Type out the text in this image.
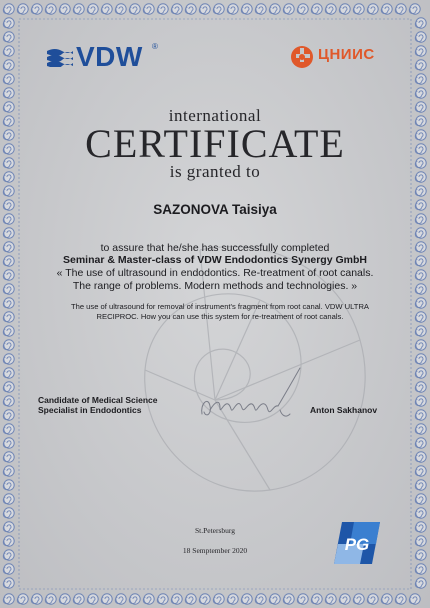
VDW ®	ЦНИИС
international
CERTIFICATE
is granted to
SAZONOVA Taisiya
to assure that he/she has successfully completed
Seminar & Master-class of VDW Endodontics Synergy GmbH
« The use of ultrasound in endodontics. Re-treatment of root canals.
The range of problems. Modern methods and technologies. »
The use of ultrasound for removal of instrument's fragment from root canal. VDW ULTRA RECIPROC. How you can use this system for re-treatment of root canals.
Candidate of Medical Science
Specialist in Endodontics	Anton Sakhanov
St.Petersburg
18 Semptember 2020	PG
